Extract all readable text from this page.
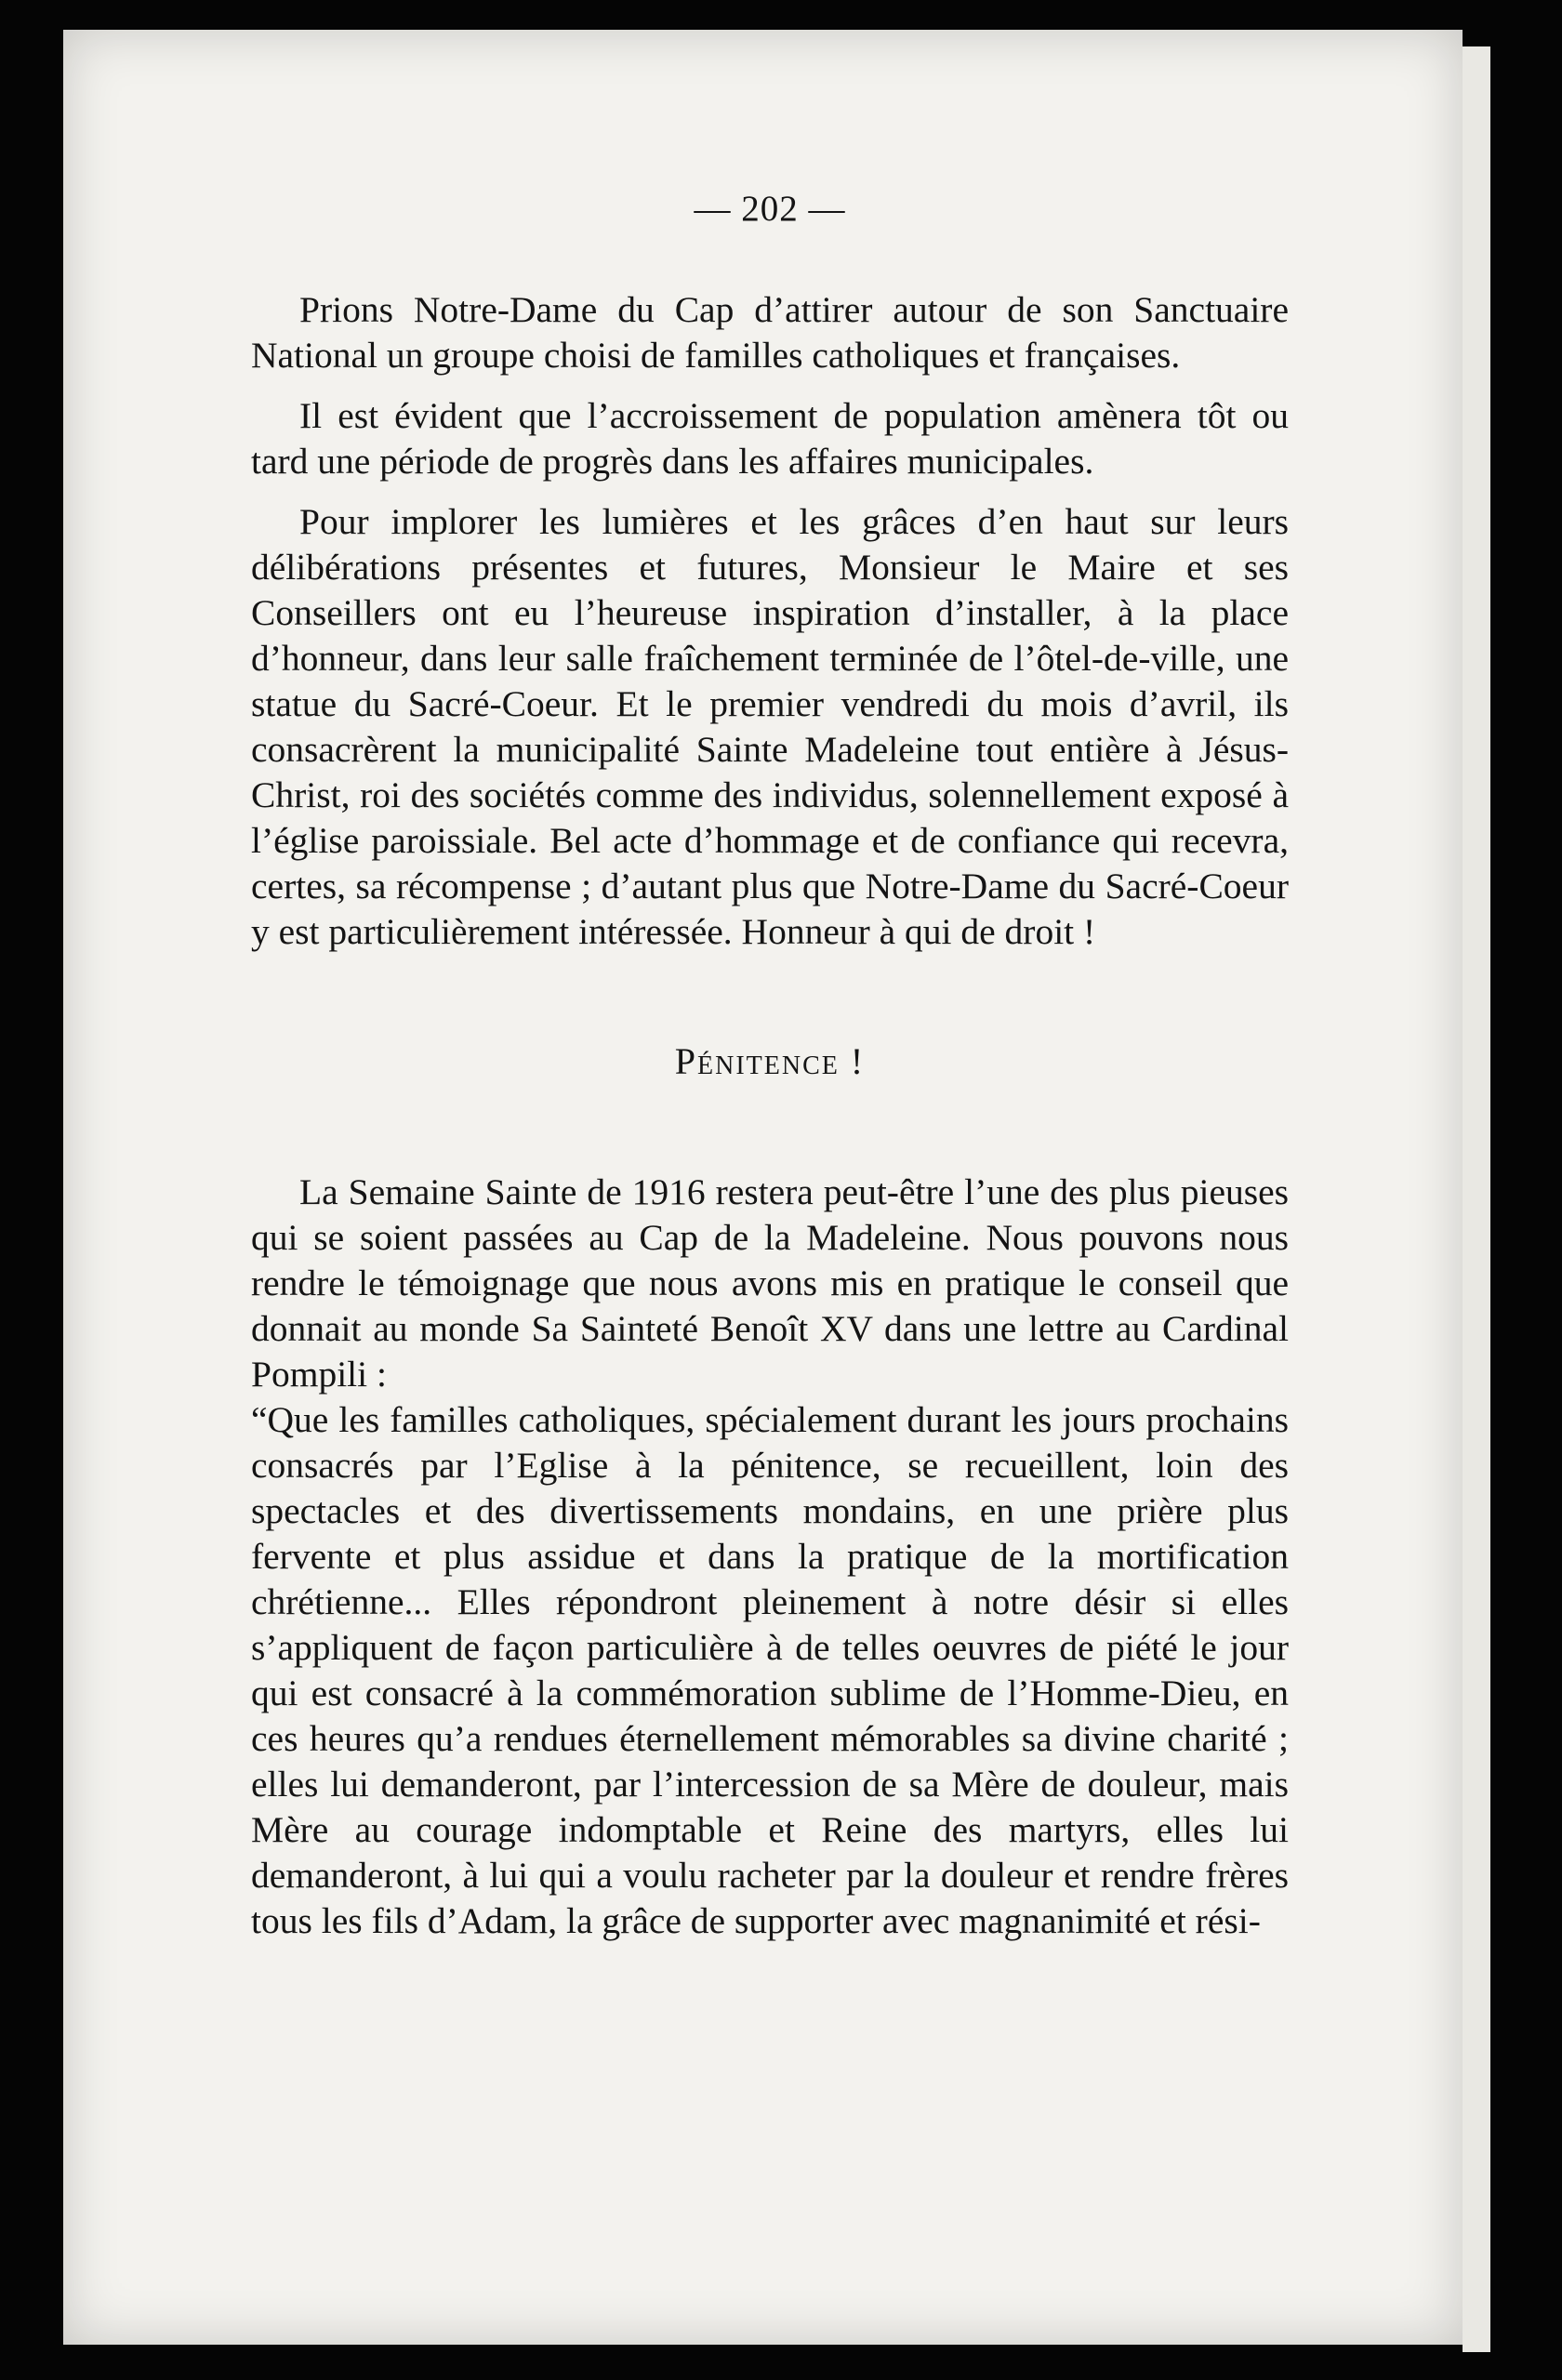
— 202 —

Prions Notre-Dame du Cap d’attirer autour de son Sanctuaire National un groupe choisi de familles catholiques et françaises.

Il est évident que l’accroissement de population amènera tôt ou tard une période de progrès dans les affaires municipales.

Pour implorer les lumières et les grâces d’en haut sur leurs délibérations présentes et futures, Monsieur le Maire et ses Conseillers ont eu l’heureuse inspiration d’installer, à la place d’honneur, dans leur salle fraîchement terminée de l’ôtel-de-ville, une statue du Sacré-Coeur. Et le premier vendredi du mois d’avril, ils consacrèrent la municipalité Sainte Madeleine tout entière à Jésus-Christ, roi des sociétés comme des individus, solennellement exposé à l’église paroissiale. Bel acte d’hommage et de confiance qui recevra, certes, sa récompense ; d’autant plus que Notre-Dame du Sacré-Coeur y est particulièrement intéressée. Honneur à qui de droit !

Pénitence !

La Semaine Sainte de 1916 restera peut-être l’une des plus pieuses qui se soient passées au Cap de la Madeleine. Nous pouvons nous rendre le témoignage que nous avons mis en pratique le conseil que donnait au monde Sa Sainteté Benoît XV dans une lettre au Cardinal Pompili :

“Que les familles catholiques, spécialement durant les jours prochains consacrés par l’Eglise à la pénitence, se recueillent, loin des spectacles et des divertissements mondains, en une prière plus fervente et plus assidue et dans la pratique de la mortification chrétienne... Elles répondront pleinement à notre désir si elles s’appliquent de façon particulière à de telles oeuvres de piété le jour qui est consacré à la commémoration sublime de l’Homme-Dieu, en ces heures qu’a rendues éternellement mémorables sa divine charité ; elles lui demanderont, par l’intercession de sa Mère de douleur, mais Mère au courage indomptable et Reine des martyrs, elles lui demanderont, à lui qui a voulu racheter par la douleur et rendre frères tous les fils d’Adam, la grâce de supporter avec magnanimité et rési-
